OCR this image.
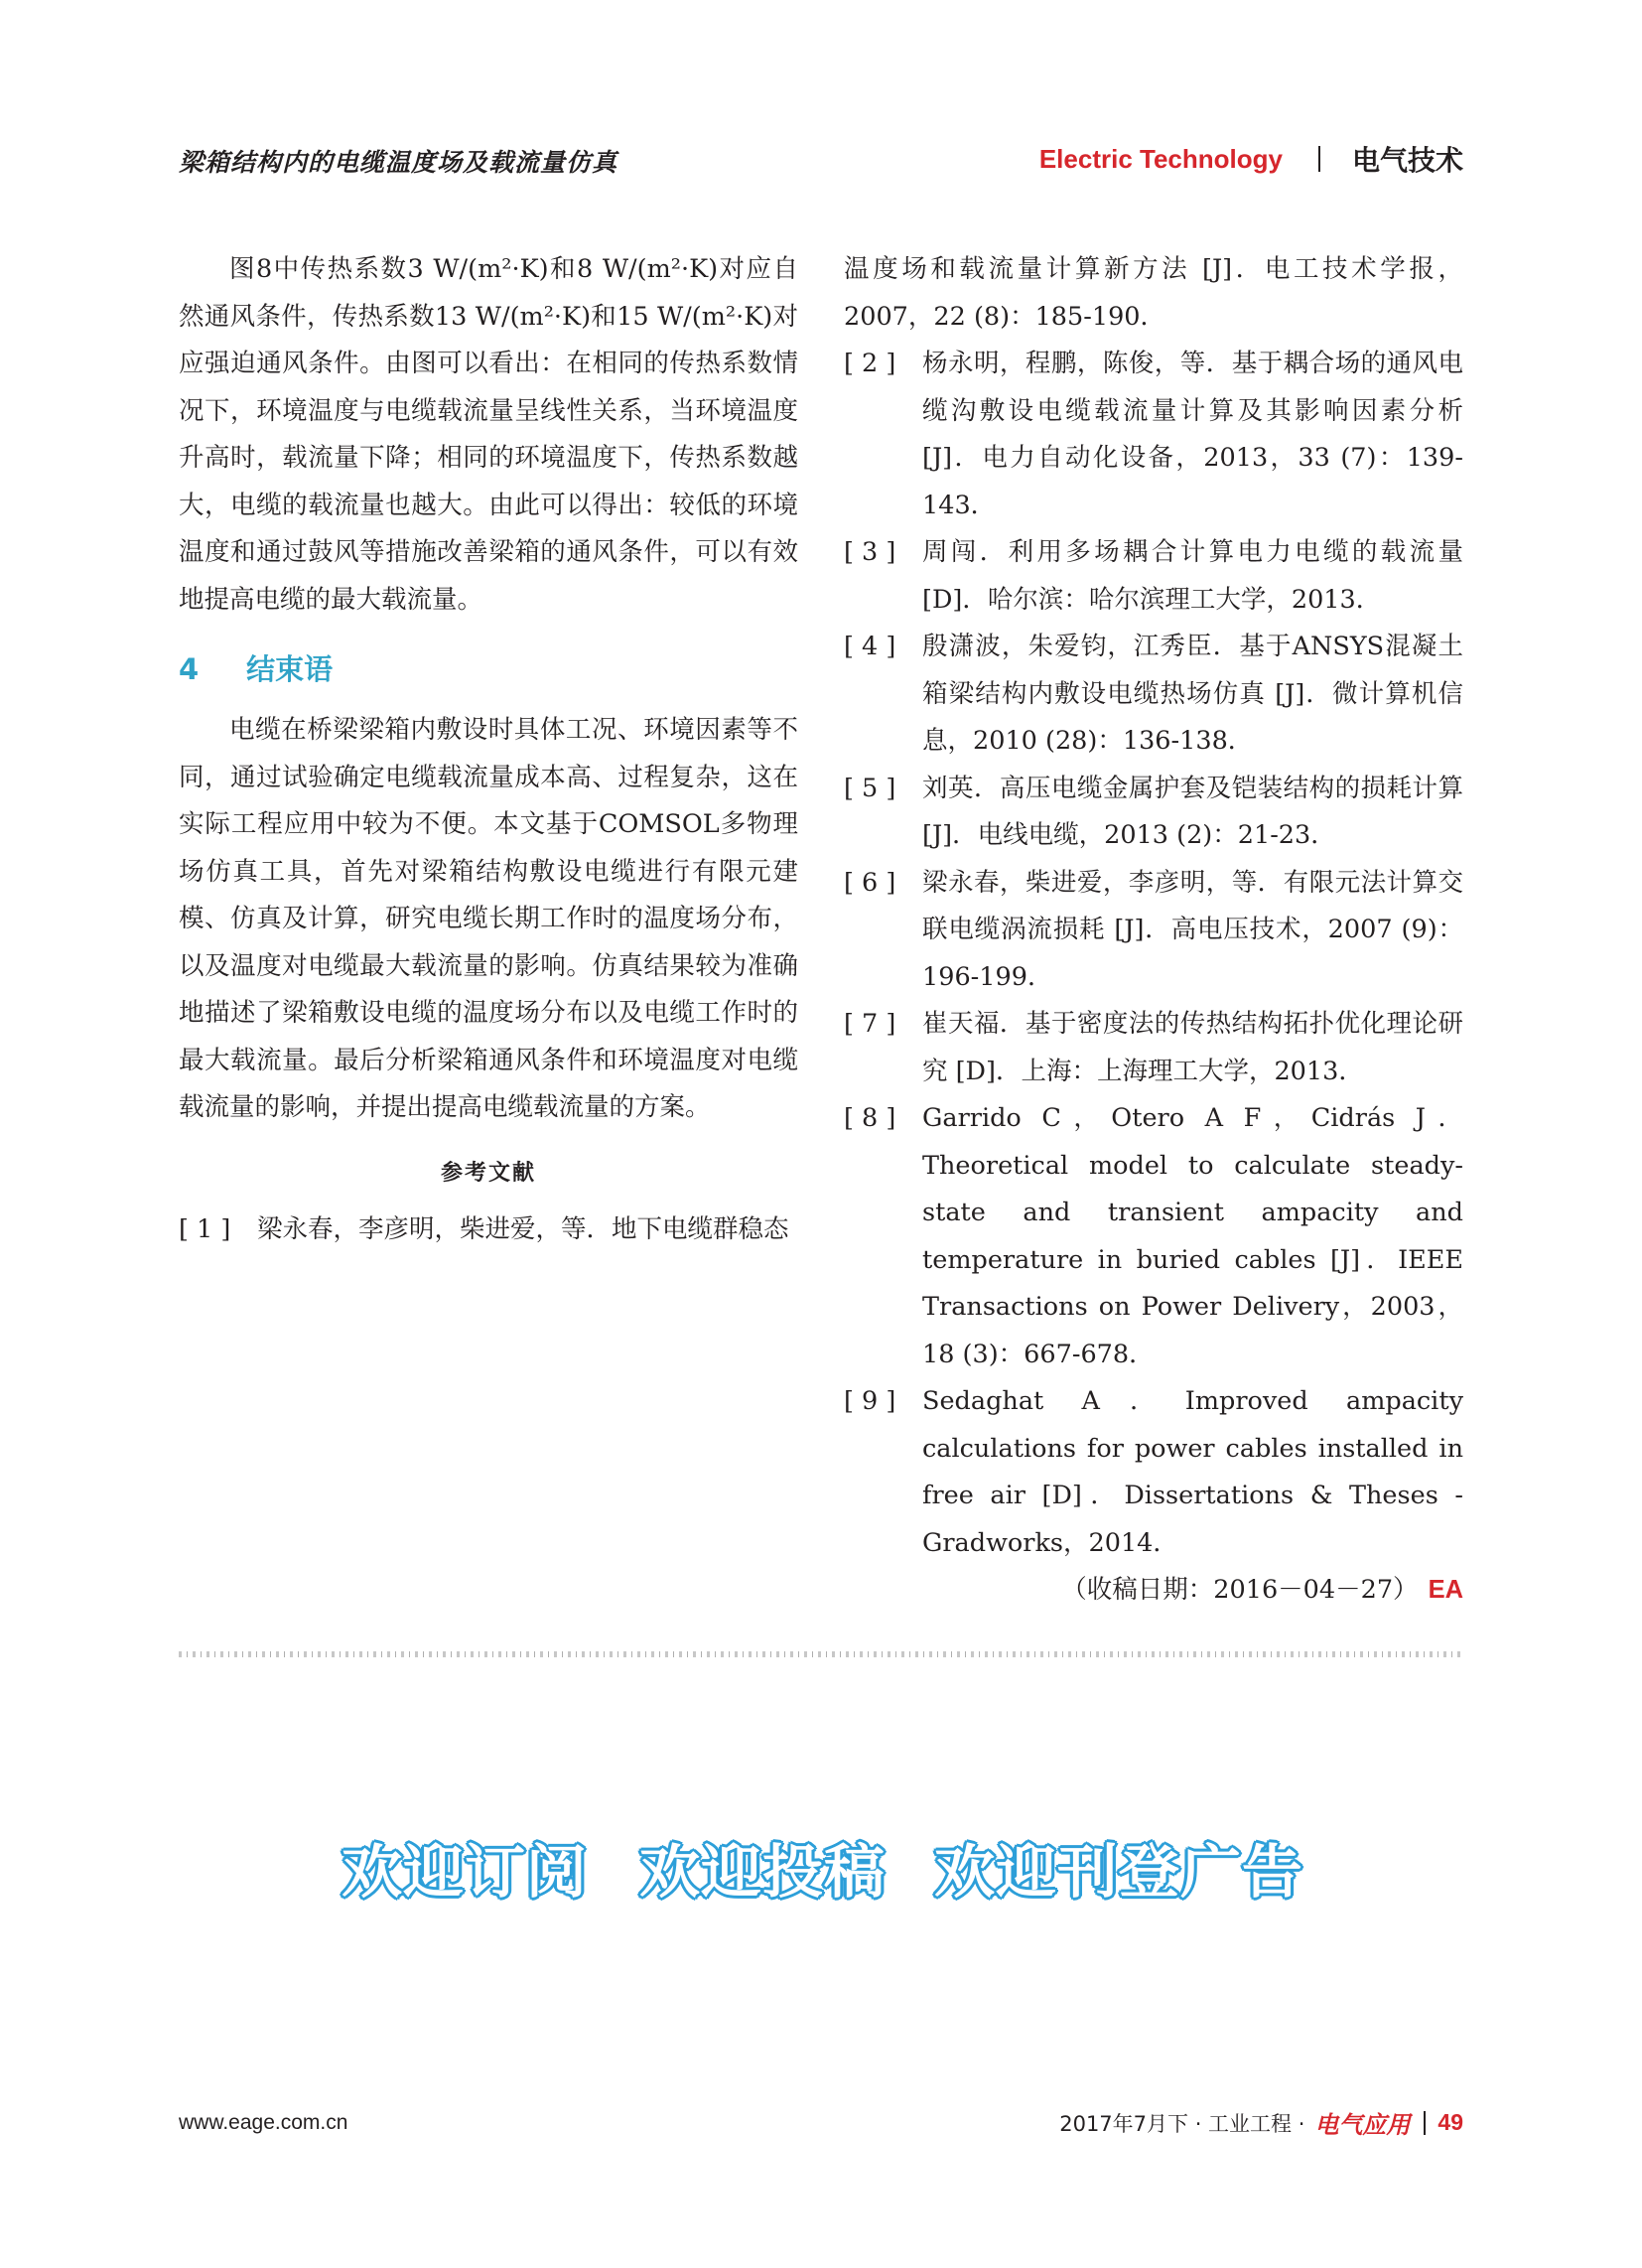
梁箱结构内的电缆温度场及载流量仿真	Electric Technology	电气技术

图8中传热系数3 W/(m²·K)和8 W/(m²·K)对应自然通风条件，传热系数13 W/(m²·K)和15 W/(m²·K)对应强迫通风条件。由图可以看出：在相同的传热系数情况下，环境温度与电缆载流量呈线性关系，当环境温度升高时，载流量下降；相同的环境温度下，传热系数越大，电缆的载流量也越大。由此可以得出：较低的环境温度和通过鼓风等措施改善梁箱的通风条件，可以有效地提高电缆的最大载流量。

4 结束语

电缆在桥梁梁箱内敷设时具体工况、环境因素等不同，通过试验确定电缆载流量成本高、过程复杂，这在实际工程应用中较为不便。本文基于COMSOL多物理场仿真工具，首先对梁箱结构敷设电缆进行有限元建模、仿真及计算，研究电缆长期工作时的温度场分布，以及温度对电缆最大载流量的影响。仿真结果较为准确地描述了梁箱敷设电缆的温度场分布以及电缆工作时的最大载流量。最后分析梁箱通风条件和环境温度对电缆载流量的影响，并提出提高电缆载流量的方案。

参考文献
[ 1 ]	梁永春，李彦明，柴进爱，等．地下电缆群稳态
温度场和载流量计算新方法 [J]．电工技术学报，2007，22 (8)：185-190．
[ 2 ]	杨永明，程鹏，陈俊，等．基于耦合场的通风电缆沟敷设电缆载流量计算及其影响因素分析 [J]．电力自动化设备，2013，33 (7)：139-143．
[ 3 ]	周闯．利用多场耦合计算电力电缆的载流量 [D]．哈尔滨：哈尔滨理工大学，2013．
[ 4 ]	殷潇波，朱爱钧，江秀臣．基于ANSYS混凝土箱梁结构内敷设电缆热场仿真 [J]．微计算机信息，2010 (28)：136-138．
[ 5 ]	刘英．高压电缆金属护套及铠装结构的损耗计算 [J]．电线电缆，2013 (2)：21-23．
[ 6 ]	梁永春，柴进爱，李彦明，等．有限元法计算交联电缆涡流损耗 [J]．高电压技术，2007 (9)：196-199．
[ 7 ]	崔天福．基于密度法的传热结构拓扑优化理论研究 [D]．上海：上海理工大学，2013．
[ 8 ]	Garrido C，Otero A F，Cidrás J．Theoretical model to calculate steady-state and transient ampacity and temperature in buried cables [J]．IEEE Transactions on Power Delivery，2003，18 (3)：667-678．
[ 9 ]	Sedaghat A．Improved ampacity calculations for power cables installed in free air [D]．Dissertations & Theses - Gradworks，2014．
（收稿日期：2016－04－27） EA
欢迎订阅 欢迎投稿 欢迎刊登广告
www.eage.com.cn	2017年7月下 · 工业工程 · 电气应用 49
